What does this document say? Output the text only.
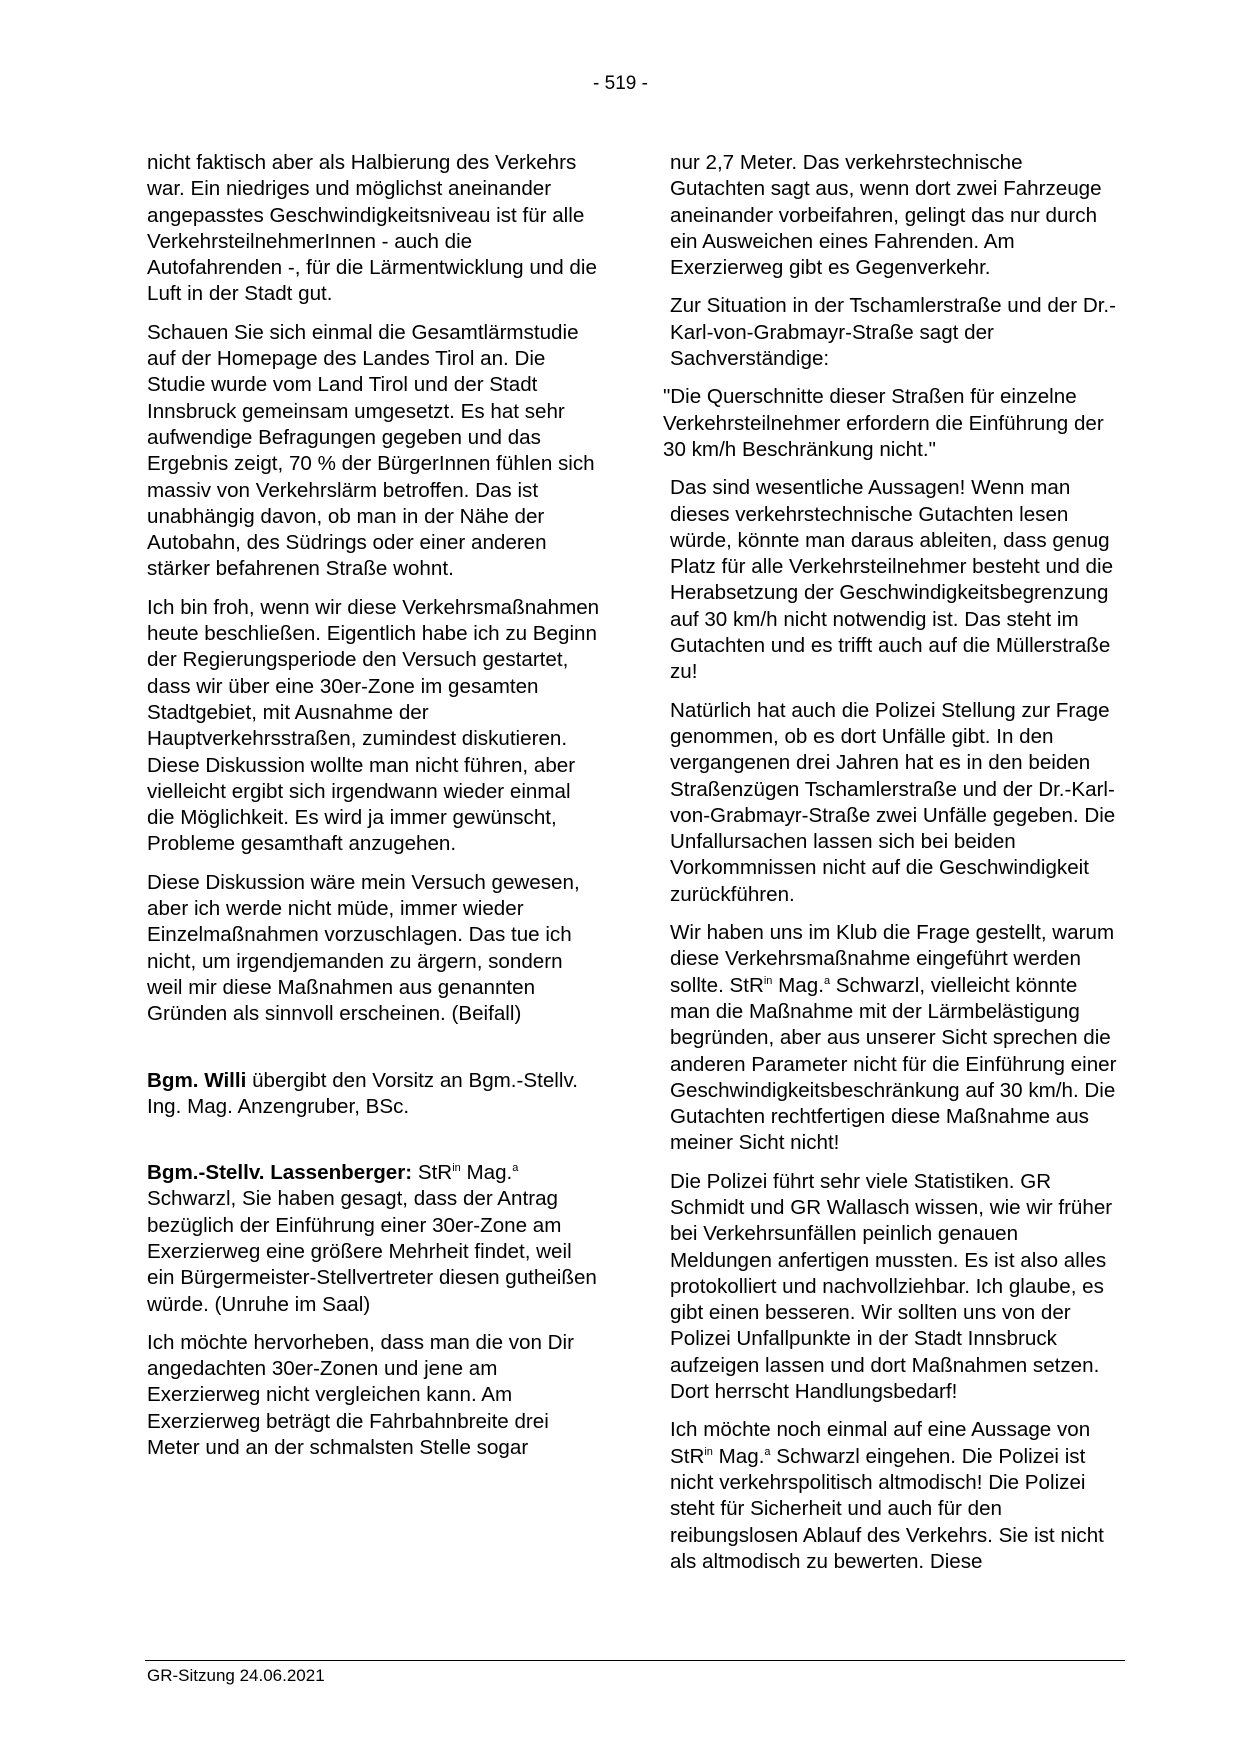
- 519 -

nicht faktisch aber als Halbierung des Verkehrs war. Ein niedriges und möglichst aneinander angepasstes Geschwindigkeitsniveau ist für alle VerkehrsteilnehmerInnen - auch die Autofahrenden -, für die Lärmentwicklung und die Luft in der Stadt gut.

Schauen Sie sich einmal die Gesamtlärmstudie auf der Homepage des Landes Tirol an. Die Studie wurde vom Land Tirol und der Stadt Innsbruck gemeinsam umgesetzt. Es hat sehr aufwendige Befragungen gegeben und das Ergebnis zeigt, 70 % der BürgerInnen fühlen sich massiv von Verkehrslärm betroffen. Das ist unabhängig davon, ob man in der Nähe der Autobahn, des Südrings oder einer anderen stärker befahrenen Straße wohnt.

Ich bin froh, wenn wir diese Verkehrsmaßnahmen heute beschließen. Eigentlich habe ich zu Beginn der Regierungsperiode den Versuch gestartet, dass wir über eine 30er-Zone im gesamten Stadtgebiet, mit Ausnahme der Hauptverkehrsstraßen, zumindest diskutieren. Diese Diskussion wollte man nicht führen, aber vielleicht ergibt sich irgendwann wieder einmal die Möglichkeit. Es wird ja immer gewünscht, Probleme gesamthaft anzugehen.

Diese Diskussion wäre mein Versuch gewesen, aber ich werde nicht müde, immer wieder Einzelmaßnahmen vorzuschlagen. Das tue ich nicht, um irgendjemanden zu ärgern, sondern weil mir diese Maßnahmen aus genannten Gründen als sinnvoll erscheinen. (Beifall)

Bgm. Willi übergibt den Vorsitz an Bgm.-Stellv. Ing. Mag. Anzengruber, BSc.

Bgm.-Stellv. Lassenberger: StR$^{in}$ Mag.$^a$ Schwarzl, Sie haben gesagt, dass der Antrag bezüglich der Einführung einer 30er-Zone am Exerzierweg eine größere Mehrheit findet, weil ein Bürgermeister-Stellvertreter diesen gutheißen würde. (Unruhe im Saal)

Ich möchte hervorheben, dass man die von Dir angedachten 30er-Zonen und jene am Exerzierweg nicht vergleichen kann. Am Exerzierweg beträgt die Fahrbahnbreite drei Meter und an der schmalsten Stelle sogar

nur 2,7 Meter. Das verkehrstechnische Gutachten sagt aus, wenn dort zwei Fahrzeuge aneinander vorbeifahren, gelingt das nur durch ein Ausweichen eines Fahrenden. Am Exerzierweg gibt es Gegenverkehr.

Zur Situation in der Tschamlerstraße und der Dr.-Karl-von-Grabmayr-Straße sagt der Sachverständige:

"Die Querschnitte dieser Straßen für einzelne Verkehrsteilnehmer erfordern die Einführung der 30 km/h Beschränkung nicht."

Das sind wesentliche Aussagen! Wenn man dieses verkehrstechnische Gutachten lesen würde, könnte man daraus ableiten, dass genug Platz für alle Verkehrsteilnehmer besteht und die Herabsetzung der Geschwindigkeitsbegrenzung auf 30 km/h nicht notwendig ist. Das steht im Gutachten und es trifft auch auf die Müllerstraße zu!

Natürlich hat auch die Polizei Stellung zur Frage genommen, ob es dort Unfälle gibt. In den vergangenen drei Jahren hat es in den beiden Straßenzügen Tschamlerstraße und der Dr.-Karl-von-Grabmayr-Straße zwei Unfälle gegeben. Die Unfallursachen lassen sich bei beiden Vorkommnissen nicht auf die Geschwindigkeit zurückführen.

Wir haben uns im Klub die Frage gestellt, warum diese Verkehrsmaßnahme eingeführt werden sollte. StR$^{in}$ Mag.$^a$ Schwarzl, vielleicht könnte man die Maßnahme mit der Lärmbelästigung begründen, aber aus unserer Sicht sprechen die anderen Parameter nicht für die Einführung einer Geschwindigkeitsbeschränkung auf 30 km/h. Die Gutachten rechtfertigen diese Maßnahme aus meiner Sicht nicht!

Die Polizei führt sehr viele Statistiken. GR Schmidt und GR Wallasch wissen, wie wir früher bei Verkehrsunfällen peinlich genauen Meldungen anfertigen mussten. Es ist also alles protokolliert und nachvollziehbar. Ich glaube, es gibt einen besseren. Wir sollten uns von der Polizei Unfallpunkte in der Stadt Innsbruck aufzeigen lassen und dort Maßnahmen setzen. Dort herrscht Handlungsbedarf!

Ich möchte noch einmal auf eine Aussage von StR$^{in}$ Mag.$^a$ Schwarzl eingehen. Die Polizei ist nicht verkehrspolitisch altmodisch! Die Polizei steht für Sicherheit und auch für den reibungslosen Ablauf des Verkehrs. Sie ist nicht als altmodisch zu bewerten. Diese

GR-Sitzung 24.06.2021
